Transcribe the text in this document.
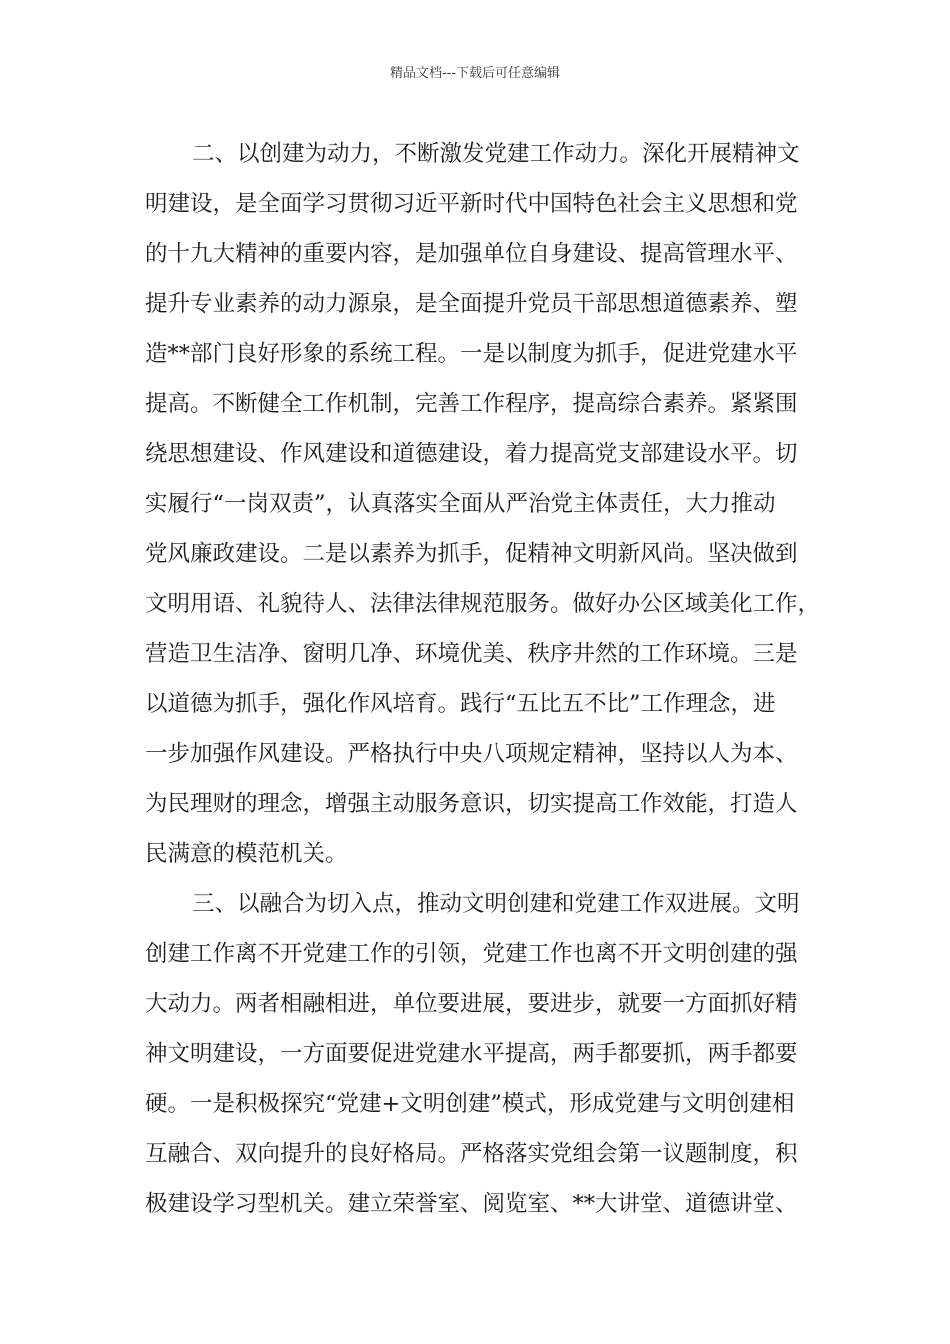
精品文档---下载后可任意编辑
二、以创建为动力，不断激发党建工作动力。深化开展精神文
明建设，是全面学习贯彻习近平新时代中国特色社会主义思想和党
的十九大精神的重要内容，是加强单位自身建设、提高管理水平、
提升专业素养的动力源泉，是全面提升党员干部思想道德素养、塑
造**部门良好形象的系统工程。一是以制度为抓手，促进党建水平
提高。不断健全工作机制，完善工作程序，提高综合素养。紧紧围
绕思想建设、作风建设和道德建设，着力提高党支部建设水平。切
实履行“一岗双责”，认真落实全面从严治党主体责任，大力推动
党风廉政建设。二是以素养为抓手，促精神文明新风尚。坚决做到
文明用语、礼貌待人、法律法律规范服务。做好办公区域美化工作，
营造卫生洁净、窗明几净、环境优美、秩序井然的工作环境。三是
以道德为抓手，强化作风培育。践行“五比五不比”工作理念，进
一步加强作风建设。严格执行中央八项规定精神，坚持以人为本、
为民理财的理念，增强主动服务意识，切实提高工作效能，打造人
民满意的模范机关。
三、以融合为切入点，推动文明创建和党建工作双进展。文明
创建工作离不开党建工作的引领，党建工作也离不开文明创建的强
大动力。两者相融相进，单位要进展，要进步，就要一方面抓好精
神文明建设，一方面要促进党建水平提高，两手都要抓，两手都要
硬。一是积极探究“党建+文明创建”模式，形成党建与文明创建相
互融合、双向提升的良好格局。严格落实党组会第一议题制度，积
极建设学习型机关。建立荣誉室、阅览室、**大讲堂、道德讲堂、
